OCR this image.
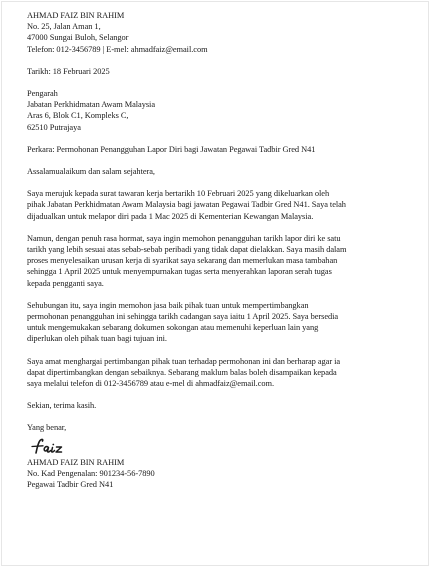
AHMAD FAIZ BIN RAHIM
No. 25, Jalan Aman 1,
47000 Sungai Buloh, Selangor
Telefon: 012-3456789 | E-mel: ahmadfaiz@email.com
Tarikh: 18 Februari 2025
Pengarah
Jabatan Perkhidmatan Awam Malaysia
Aras 6, Blok C1, Kompleks C,
62510 Putrajaya
Perkara: Permohonan Penangguhan Lapor Diri bagi Jawatan Pegawai Tadbir Gred N41
Assalamualaikum dan salam sejahtera,
Saya merujuk kepada surat tawaran kerja bertarikh 10 Februari 2025 yang dikeluarkan oleh
pihak Jabatan Perkhidmatan Awam Malaysia bagi jawatan Pegawai Tadbir Gred N41. Saya telah
dijadualkan untuk melapor diri pada 1 Mac 2025 di Kementerian Kewangan Malaysia.
Namun, dengan penuh rasa hormat, saya ingin memohon penangguhan tarikh lapor diri ke satu
tarikh yang lebih sesuai atas sebab-sebab peribadi yang tidak dapat dielakkan. Saya masih dalam
proses menyelesaikan urusan kerja di syarikat saya sekarang dan memerlukan masa tambahan
sehingga 1 April 2025 untuk menyempurnakan tugas serta menyerahkan laporan serah tugas
kepada pengganti saya.
Sehubungan itu, saya ingin memohon jasa baik pihak tuan untuk mempertimbangkan
permohonan penangguhan ini sehingga tarikh cadangan saya iaitu 1 April 2025. Saya bersedia
untuk mengemukakan sebarang dokumen sokongan atau memenuhi keperluan lain yang
diperlukan oleh pihak tuan bagi tujuan ini.
Saya amat menghargai pertimbangan pihak tuan terhadap permohonan ini dan berharap agar ia
dapat dipertimbangkan dengan sebaiknya. Sebarang maklum balas boleh disampaikan kepada
saya melalui telefon di 012-3456789 atau e-mel di ahmadfaiz@email.com.
Sekian, terima kasih.
Yang benar,
AHMAD FAIZ BIN RAHIM
No. Kad Pengenalan: 901234-56-7890
Pegawai Tadbir Gred N41
